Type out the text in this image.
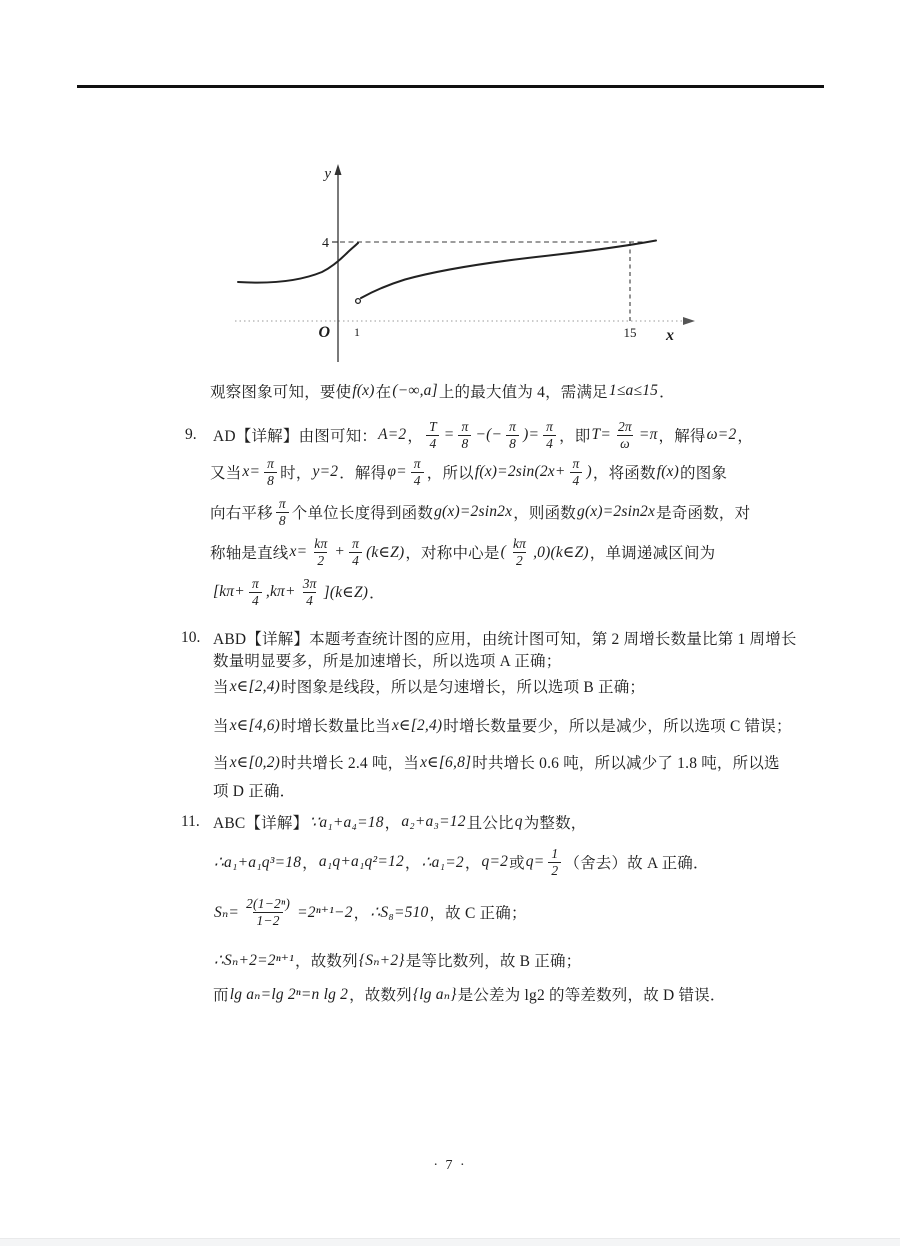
y
4
O 1	15 x
观察图象可知，要使 f(x) 在 (−∞,a] 上的最大值为 4，需满足 1≤a≤15 ．
9. AD【详解】由图可知： A=2 ， $\frac{T}{4} = \frac{\pi}{8}$ −(− $\frac{\pi}{8}$ )= $\frac{\pi}{4}$ ，即 $T= \frac{2\pi}{\omega} =\pi$ ，解得 ω=2 ，
又当 $x= \frac{\pi}{8}$ 时， y=2 ．解得 $\varphi= \frac{\pi}{4}$ ，所以 $f(x)=2\sin(2x+ \frac{\pi}{4}$ ) ，将函数 f(x) 的图象
向右平移 $\frac{\pi}{8}$ 个单位长度得到函数 g(x)=2sin2x ，则函数 g(x)=2sin2x 是奇函数，对
称轴是直线 $x= \frac{k\pi}{2} + \frac{\pi}{4}$ (k∈Z) ，对称中心是 ( $\frac{k\pi}{2}$ ,0)(k∈Z) ，单调递减区间为
[$k\pi+ \frac{\pi}{4} ,k\pi+ \frac{3\pi}{4}$ ](k∈Z) ．
10. ABD【详解】本题考查统计图的应用，由统计图可知，第 2 周增长数量比第 1 周增长
数量明显要多，所是加速增长，所以选项 A 正确；
当 x∈[2,4) 时图象是线段，所以是匀速增长，所以选项 B 正确；
当 x∈[4,6) 时增长数量比当 x∈[2,4) 时增长数量要少，所以是减少，所以选项 C 错误；
当 x∈[0,2) 时共增长 2.4 吨，当 x∈[6,8] 时共增长 0.6 吨，所以减少了 1.8 吨，所以选
项 D 正确．
11. ABC【详解】 ∵a₁+a₄=18 ， a₂+a₃=12 且公比 q 为整数，
∴a₁+a₁q³=18 ， a₁q+a₁q²=12 ， ∴a₁=2 ， q=2 或 $q= \frac{1}{2}$ （舍去）故 A 正确．
$S_n= \frac{\text{2(1−2ⁿ)}}{1-2} =2^{n+1}-2$ ， ∴S₈=510 ，故 C 正确；
∴Sₙ+2=2ⁿ⁺¹ ，故数列 {Sₙ+2} 是等比数列，故 B 正确；
而 lg aₙ=lg 2ⁿ=n lg 2 ，故数列 {lg aₙ} 是公差为 lg2 的等差数列，故 D 错误．
· 7 ·
